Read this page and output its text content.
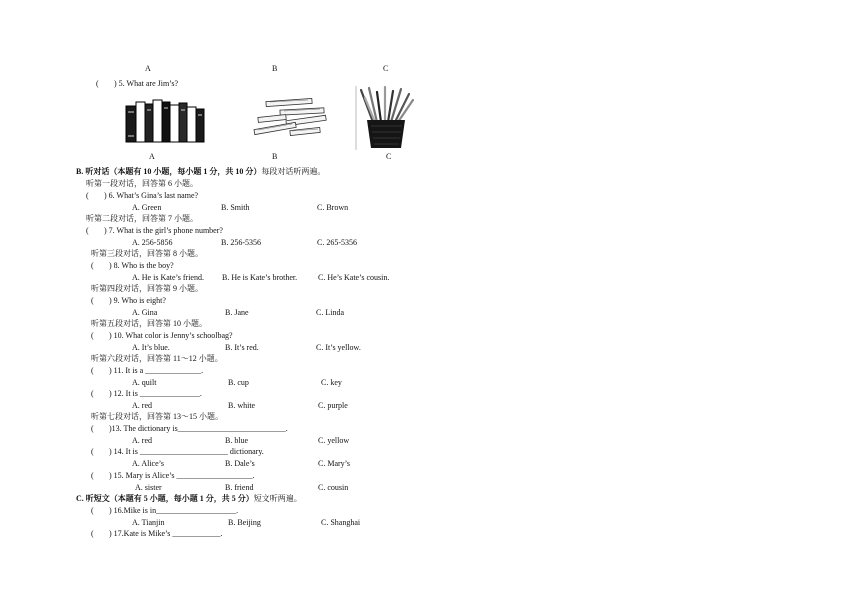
A	B	C
( ) 5. What are Jim’s?
A	B	C
B. 听对话（本题有 10 小题，每小题 1 分，共 10 分）每段对话听两遍。
听第一段对话，回答第 6 小题。
( ) 6. What’s Gina’s last name?
A. Green	B. Smith	C. Brown
听第二段对话，回答第 7 小题。
( ) 7. What is the girl’s phone number?
A. 256-5856	B. 256-5356	C. 265-5356
听第三段对话，回答第 8 小题。
( ) 8. Who is the boy?
A. He is Kate’s friend. B. He is Kate’s brother.	C. He’s Kate’s cousin.
听第四段对话，回答第 9 小题。
( ) 9. Who is eight?
A. Gina	B. Jane	C. Linda
听第五段对话，回答第 10 小题。
( ) 10. What color is Jenny’s schoolbag?
A. It’s blue.	B. It’s red.	C. It’s yellow.
听第六段对话，回答第 11～12 小题。
( ) 11. It is a ______________.
A. quilt	B. cup	C. key
( ) 12. It is _______________.
A. red	B. white	C. purple
听第七段对话，回答第 13～15 小题。
( )13. The dictionary is___________________________.
A. red	B. blue	C. yellow
( ) 14. It is ______________________ dictionary.
A. Alice’s	B. Dale’s	C. Mary’s
( ) 15. Mary is Alice’s ___________________.
A. sister	B. friend	C. cousin
C. 听短文（本题有 5 小题，每小题 1 分，共 5 分）短文听两遍。
( ) 16.Mike is in____________________.
A. Tianjin	B. Beijing	C. Shanghai
( ) 17.Kate is Mike’s ____________.
